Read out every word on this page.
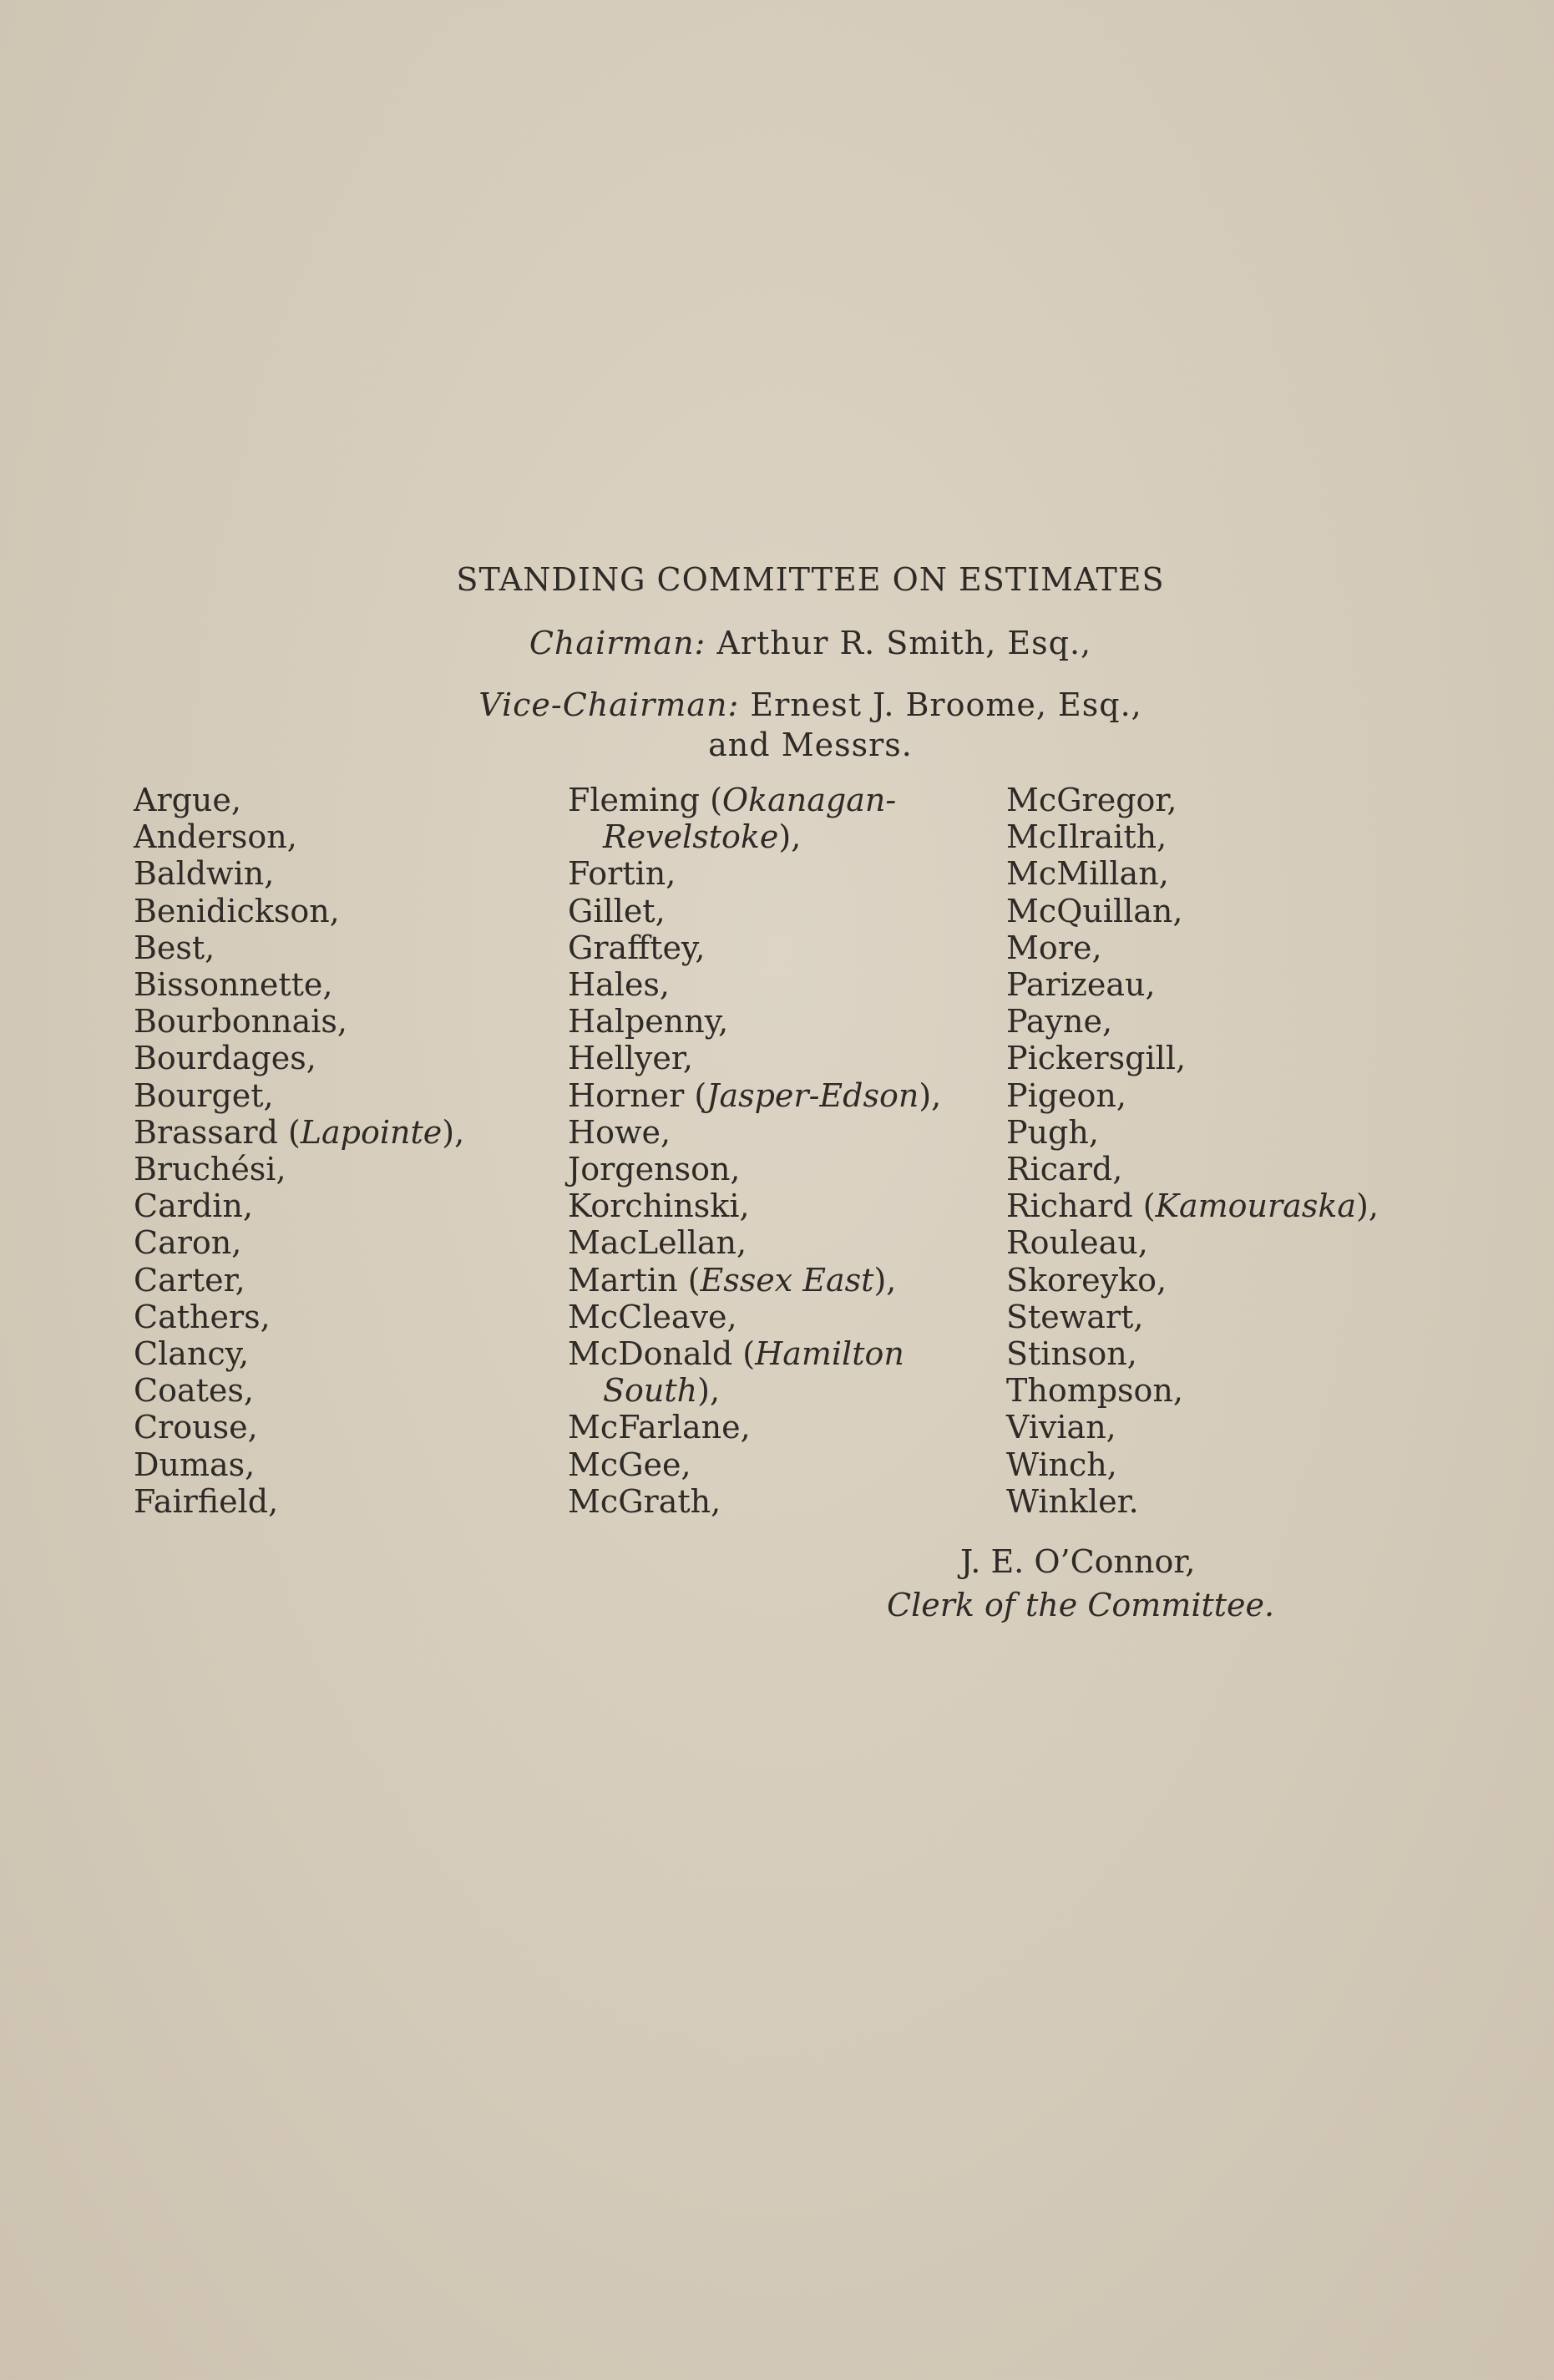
STANDING COMMITTEE ON ESTIMATES
Chairman: Arthur R. Smith, Esq.,
Vice-Chairman: Ernest J. Broome, Esq.,
and Messrs.
Argue,
Anderson,
Baldwin,
Benidickson,
Best,
Bissonnette,
Bourbonnais,
Bourdages,
Bourget,
Brassard (Lapointe),
Bruchési,
Cardin,
Caron,
Carter,
Cathers,
Clancy,
Coates,
Crouse,
Dumas,
Fairfield,
Fleming (Okanagan-
Revelstoke),
Fortin,
Gillet,
Grafftey,
Hales,
Halpenny,
Hellyer,
Horner (Jasper-Edson),
Howe,
Jorgenson,
Korchinski,
MacLellan,
Martin (Essex East),
McCleave,
McDonald (Hamilton
South),
McFarlane,
McGee,
McGrath,
McGregor,
McIlraith,
McMillan,
McQuillan,
More,
Parizeau,
Payne,
Pickersgill,
Pigeon,
Pugh,
Ricard,
Richard (Kamouraska),
Rouleau,
Skoreyko,
Stewart,
Stinson,
Thompson,
Vivian,
Winch,
Winkler.
J. E. O’Connor,
Clerk of the Committee.
